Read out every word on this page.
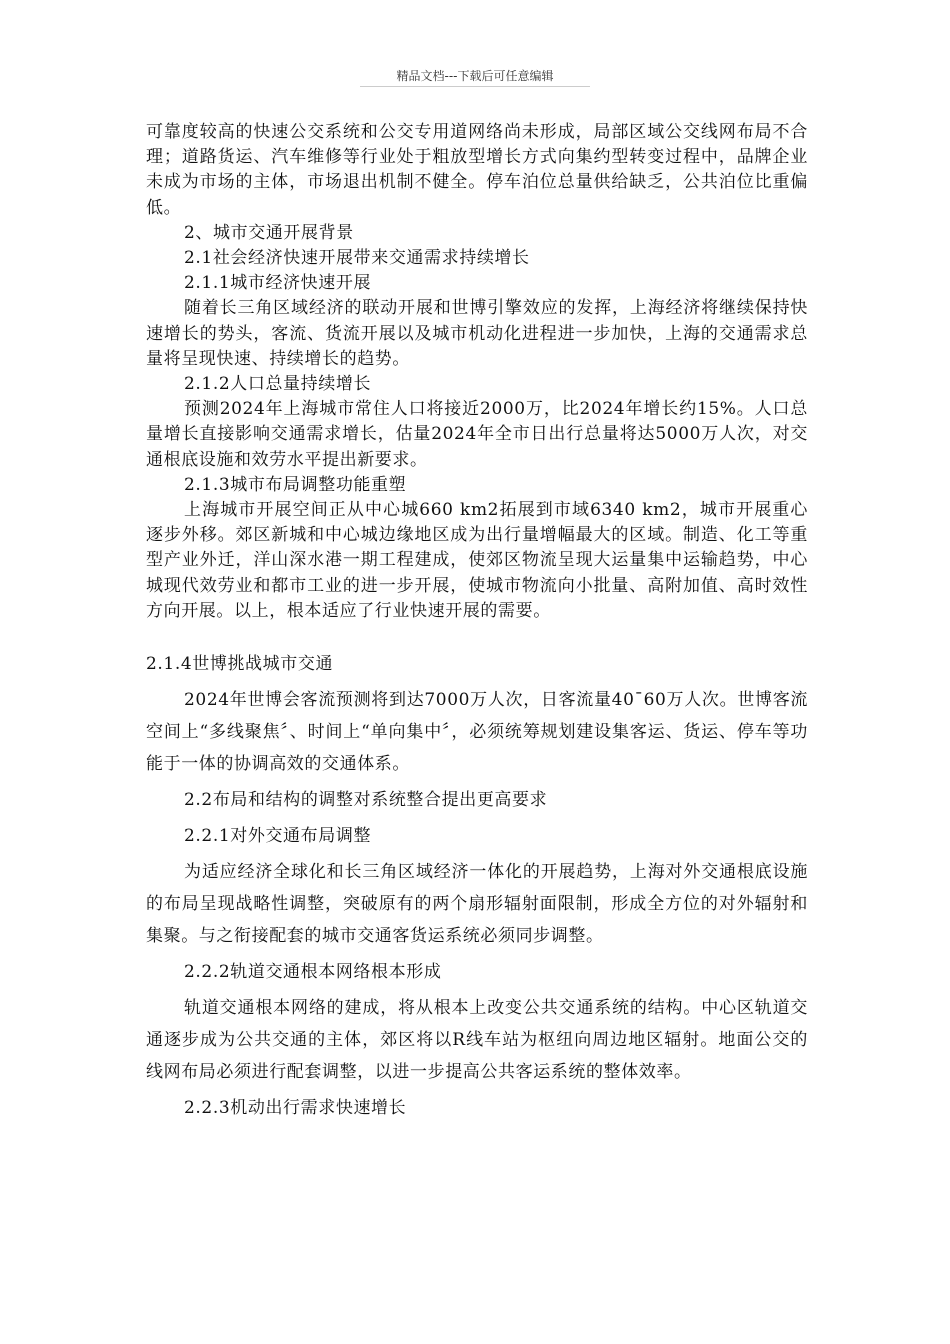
精品文档---下载后可任意编辑

可靠度较高的快速公交系统和公交专用道网络尚未形成，局部区域公交线网布局不合理；道路货运、汽车维修等行业处于粗放型增长方式向集约型转变过程中，品牌企业未成为市场的主体，市场退出机制不健全。停车泊位总量供给缺乏，公共泊位比重偏低。

2、城市交通开展背景

2.1社会经济快速开展带来交通需求持续增长

2.1.1城市经济快速开展

随着长三角区域经济的联动开展和世博引擎效应的发挥，上海经济将继续保持快速增长的势头，客流、货流开展以及城市机动化进程进一步加快，上海的交通需求总量将呈现快速、持续增长的趋势。

2.1.2人口总量持续增长

预测2024年上海城市常住人口将接近2000万，比2024年增长约15%。人口总量增长直接影响交通需求增长，估量2024年全市日出行总量将达5000万人次，对交通根底设施和效劳水平提出新要求。

2.1.3城市布局调整功能重塑

上海城市开展空间正从中心城660 km2拓展到市域6340 km2，城市开展重心逐步外移。郊区新城和中心城边缘地区成为出行量增幅最大的区域。制造、化工等重型产业外迁，洋山深水港一期工程建成，使郊区物流呈现大运量集中运输趋势，中心城现代效劳业和都市工业的进一步开展，使城市物流向小批量、高附加值、高时效性方向开展。以上，根本适应了行业快速开展的需要。

2.1.4世博挑战城市交通

2024年世博会客流预测将到达7000万人次，日客流量40¯60万人次。世博客流空间上“多线聚焦〞、时间上“单向集中〞，必须统筹规划建设集客运、货运、停车等功能于一体的协调高效的交通体系。

2.2布局和结构的调整对系统整合提出更高要求

2.2.1对外交通布局调整

为适应经济全球化和长三角区域经济一体化的开展趋势，上海对外交通根底设施的布局呈现战略性调整，突破原有的两个扇形辐射面限制，形成全方位的对外辐射和集聚。与之衔接配套的城市交通客货运系统必须同步调整。

2.2.2轨道交通根本网络根本形成

轨道交通根本网络的建成，将从根本上改变公共交通系统的结构。中心区轨道交通逐步成为公共交通的主体，郊区将以R线车站为枢纽向周边地区辐射。地面公交的线网布局必须进行配套调整，以进一步提高公共客运系统的整体效率。

2.2.3机动出行需求快速增长
